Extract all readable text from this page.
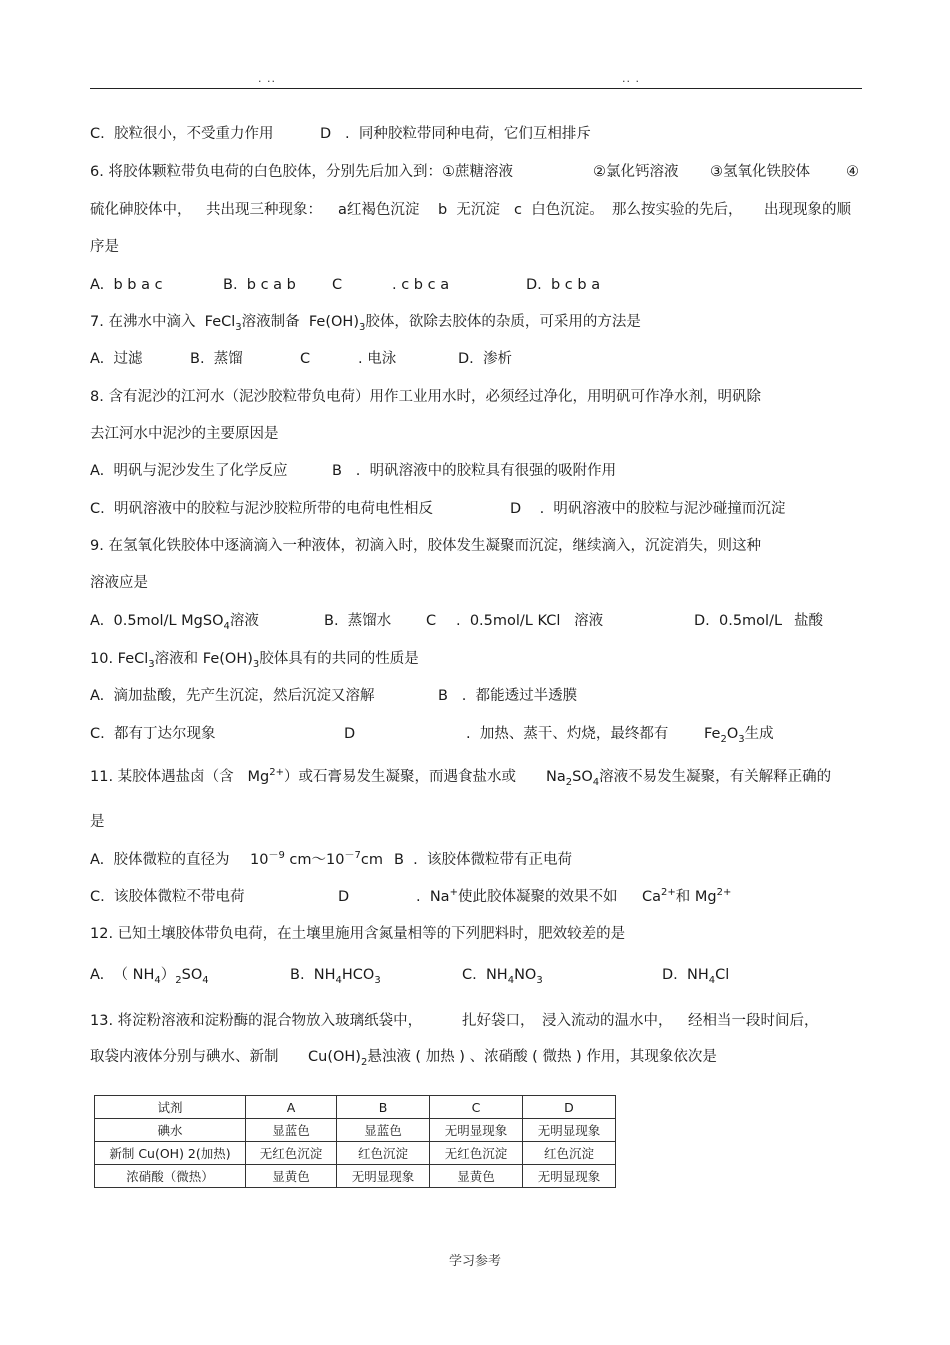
. ..	.. .

C.  胶粒很小，不受重力作用

	D   .  同种胶粒带同种电荷，它们互相排斥

6. 将胶体颗粒带负电荷的白色胶体，分别先后加入到：①蔗糖溶液

	②氯化钙溶液

③氢氧化铁胶体

④

硫化砷胶体中，

共出现三种现象：

a红褐色沉淀

b  无沉淀

c  白色沉淀。

那么按实验的先后，

出现现象的顺

序是

A.  b b a c

	B.  b c a b

C

	. c b c a

	D.  b c b a

7. 在沸水中滴入  FeCl$_3$溶液制备  $Fe(OH)_3$胶体，欲除去胶体的杂质，可采用的方法是

A.  过滤

	B.  蒸馏

	C

	. 电泳

	D.  渗析

8. 含有泥沙的江河水（泥沙胶粒带负电荷）用作工业用水时，必须经过净化，用明矾可作净水剂，明矾除

去江河水中泥沙的主要原因是

A.  明矾与泥沙发生了化学反应

	B   .  明矾溶液中的胶粒具有很强的吸附作用

C.  明矾溶液中的胶粒与泥沙胶粒所带的电荷电性相反

	D    .  明矾溶液中的胶粒与泥沙碰撞而沉淀

9. 在氢氧化铁胶体中逐滴滴入一种液体，初滴入时，胶体发生凝聚而沉淀，继续滴入，沉淀消失，则这种

溶液应是

A.  0.5mol/L MgSO$_4$溶液

	B.  蒸馏水

C

.  0.5mol/L KCl   溶液

	D.  0.5mol/L

盐酸

10. FeCl$_3$溶液和 $Fe(OH)_3$胶体具有的共同的性质是

A.  滴加盐酸，先产生沉淀，然后沉淀又溶解

	B   .  都能透过半透膜

C.  都有丁达尔现象

	D

	.  加热、蒸干、灼烧，最终都有

$Fe_2O_3$生成

11. 某胶体遇盐卤（含   $Mg^{2+}$）或石膏易发生凝聚，而遇食盐水或

$Na_2SO_4$溶液不易发生凝聚，有关解释正确的

是

A.  胶体微粒的直径为

$10^{-9}$ $cm\sim 10^{-7}cm$

B  .  该胶体微粒带有正电荷

C.  该胶体微粒不带电荷

	D

	.  Na+使此胶体凝聚的效果不如

$Ca^{2+}$和 $Mg^{2+}$

12. 已知土壤胶体带负电荷，在土壤里施用含氮量相等的下列肥料时，肥效较差的是

A.  （ $NH_4)_2SO_4$

	B.  $NH_4HCO_3$

	C.  $NH_4NO_3$

	D.  $NH_4Cl$

13. 将淀粉溶液和淀粉酶的混合物放入玻璃纸袋中，

	扎好袋口，

浸入流动的温水中，

经相当一段时间后，

取袋内液体分别与碘水、新制

$Cu(OH)_2$悬浊液 ( 加热 ) 、浓硝酸 ( 微热 ) 作用，其现象依次是

试剂	A	B	C	D
碘水	显蓝色	显蓝色	无明显现象	无明显现象
新制 Cu(OH) 2(加热)	无红色沉淀	红色沉淀	无红色沉淀	红色沉淀
浓硝酸（微热）	显黄色	无明显现象	显黄色	无明显现象
学习参考
